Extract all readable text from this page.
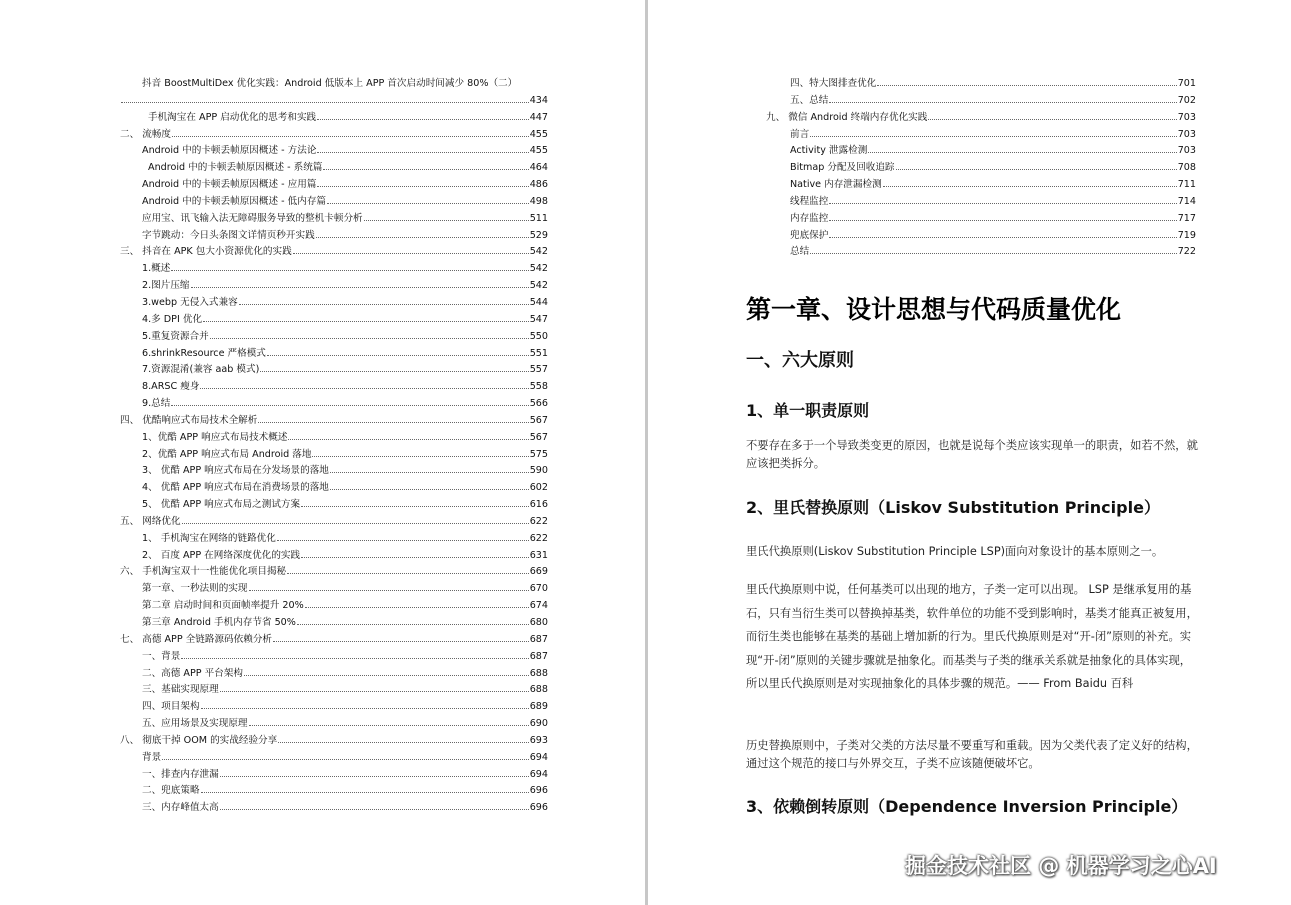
抖音 BoostMultiDex 优化实践：Android 低版本上 APP 首次启动时间减少 80%（二）
434
手机淘宝在 APP 启动优化的思考和实践	447
二、 流畅度	455
Android 中的卡顿丢帧原因概述 - 方法论	455
Android 中的卡顿丢帧原因概述 - 系统篇	464
Android 中的卡顿丢帧原因概述 - 应用篇	486
Android 中的卡顿丢帧原因概述 - 低内存篇	498
应用宝、讯飞输入法无障碍服务导致的整机卡顿分析	511
字节跳动：今日头条图文详情页秒开实践	529
三、 抖音在 APK 包大小资源优化的实践	542
1.概述	542
2.图片压缩	542
3.webp 无侵入式兼容	544
4.多 DPI 优化	547
5.重复资源合并	550
6.shrinkResource 严格模式	551
7.资源混淆(兼容 aab 模式)	557
8.ARSC 瘦身	558
9.总结	566
四、 优酷响应式布局技术全解析	567
1、优酷 APP 响应式布局技术概述	567
2、优酷 APP 响应式布局 Android 落地	575
3、 优酷 APP 响应式布局在分发场景的落地	590
4、 优酷 APP 响应式布局在消费场景的落地	602
5、 优酷 APP 响应式布局之测试方案	616
五、 网络优化	622
1、 手机淘宝在网络的链路优化	622
2、 百度 APP 在网络深度优化的实践	631
六、 手机淘宝双十一性能优化项目揭秘	669
第一章、一秒法则的实现	670
第二章 启动时间和页面帧率提升 20%	674
第三章 Android 手机内存节省 50%	680
七、 高德 APP 全链路源码依赖分析	687
一、背景	687
二、高德 APP 平台架构	688
三、基础实现原理	688
四、项目架构	689
五、应用场景及实现原理	690
八、 彻底干掉 OOM 的实战经验分享	693
背景	694
一、排查内存泄漏	694
二、兜底策略	696
三、内存峰值太高	696
四、特大图排查优化	701
五、总结	702
九、 微信 Android 终端内存优化实践	703
前言	703
Activity 泄露检测	703
Bitmap 分配及回收追踪	708
Native 内存泄漏检测	711
线程监控	714
内存监控	717
兜底保护	719
总结	722
第一章、设计思想与代码质量优化
一、六大原则
1、单一职责原则

不要存在多于一个导致类变更的原因，也就是说每个类应该实现单一的职责，如若不然，就应该把类拆分。

2、里氏替换原则（Liskov Substitution Principle）

里氏代换原则(Liskov Substitution Principle LSP)面向对象设计的基本原则之一。

里氏代换原则中说，任何基类可以出现的地方，子类一定可以出现。 LSP 是继承复用的基石，只有当衍生类可以替换掉基类，软件单位的功能不受到影响时，基类才能真正被复用，而衍生类也能够在基类的基础上增加新的行为。里氏代换原则是对“开-闭”原则的补充。实现“开-闭”原则的关键步骤就是抽象化。而基类与子类的继承关系就是抽象化的具体实现，所以里氏代换原则是对实现抽象化的具体步骤的规范。—— From Baidu 百科

历史替换原则中，子类对父类的方法尽量不要重写和重载。因为父类代表了定义好的结构，通过这个规范的接口与外界交互，子类不应该随便破坏它。

3、依赖倒转原则（Dependence Inversion Principle）
掘金技术社区 @ 机器学习之心AI
